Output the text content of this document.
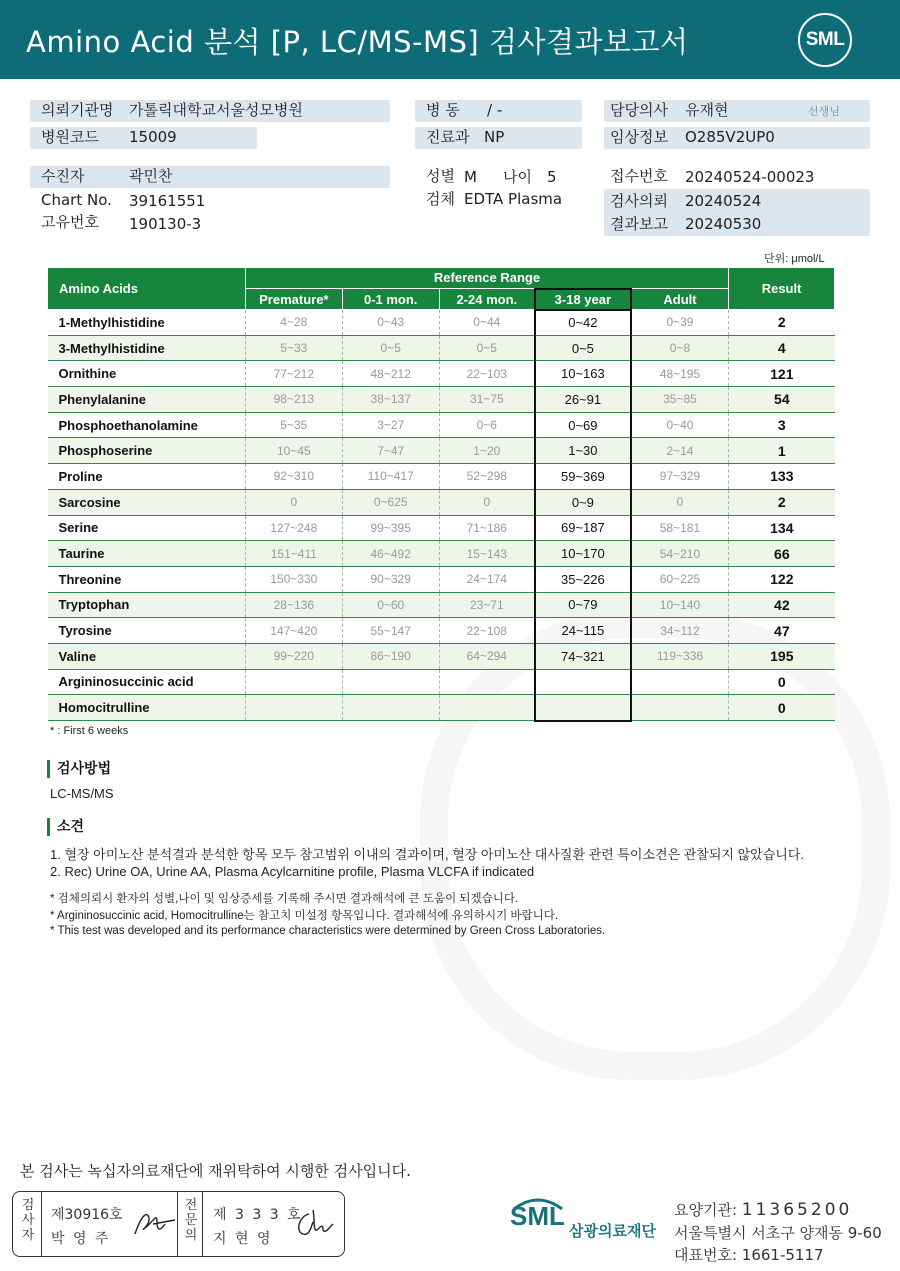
Amino Acid 분석 [P, LC/MS-MS] 검사결과보고서	SML
의뢰기관명 가톨릭대학교서울성모병원
병원코드 15009
병 동 / -
진료과 NP
담당의사 유재현	선생님
임상정보 O285V2UP0
수진자	곽민찬
Chart No. 39161551
고유번호 190130-3
성별 M 나이 5
검체 EDTA Plasma
접수번호 20240524-00023
검사의뢰 20240524
결과보고 20240530
단위: μmol/L
Amino Acids	Reference Range					Result
	Premature*	0-1 mon.	2-24 mon.	3-18 year	Adult	
1-Methylhistidine	4~28	0~43	0~44	0~42	0~39	2
3-Methylhistidine	5~33	0~5	0~5	0~5	0~8	4
Ornithine	77~212	48~212	22~103	10~163	48~195	121
Phenylalanine	98~213	38~137	31~75	26~91	35~85	54
Phosphoethanolamine	5~35	3~27	0~6	0~69	0~40	3
Phosphoserine	10~45	7~47	1~20	1~30	2~14	1
Proline	92~310	110~417	52~298	59~369	97~329	133
Sarcosine	0	0~625	0	0~9	0	2
Serine	127~248	99~395	71~186	69~187	58~181	134
Taurine	151~411	46~492	15~143	10~170	54~210	66
Threonine	150~330	90~329	24~174	35~226	60~225	122
Tryptophan	28~136	0~60	23~71	0~79	10~140	42
Tyrosine	147~420	55~147	22~108	24~115	34~112	47
Valine	99~220	86~190	64~294	74~321	119~336	195
Argininosuccinic acid						0
Homocitrulline						0
* : First 6 weeks
검사방법
LC-MS/MS
소견
1. 혈장 아미노산 분석결과 분석한 항목 모두 참고범위 이내의 결과이며, 혈장 아미노산 대사질환 관련 특이소견은 관찰되지 않았습니다.
2. Rec) Urine OA, Urine AA, Plasma Acylcarnitine profile, Plasma VLCFA if indicated
* 검체의뢰시 환자의 성별,나이 및 임상증세를 기록해 주시면 결과해석에 큰 도움이 되겠습니다.
* Argininosuccinic acid, Homocitrulline는 참고치 미설정 항목입니다. 결과해석에 유의하시기 바랍니다.
* This test was developed and its performance characteristics were determined by Green Cross Laboratories.
본 검사는 녹십자의료재단에 재위탁하여 시행한 검사입니다.
검사자
제30916호
박 영 주
전문의
제 3 3 3 호
지 현 영
SML 삼광의료재단
요양기관: 11365200
서울특별시 서초구 양재동 9-60
대표번호: 1661-5117
